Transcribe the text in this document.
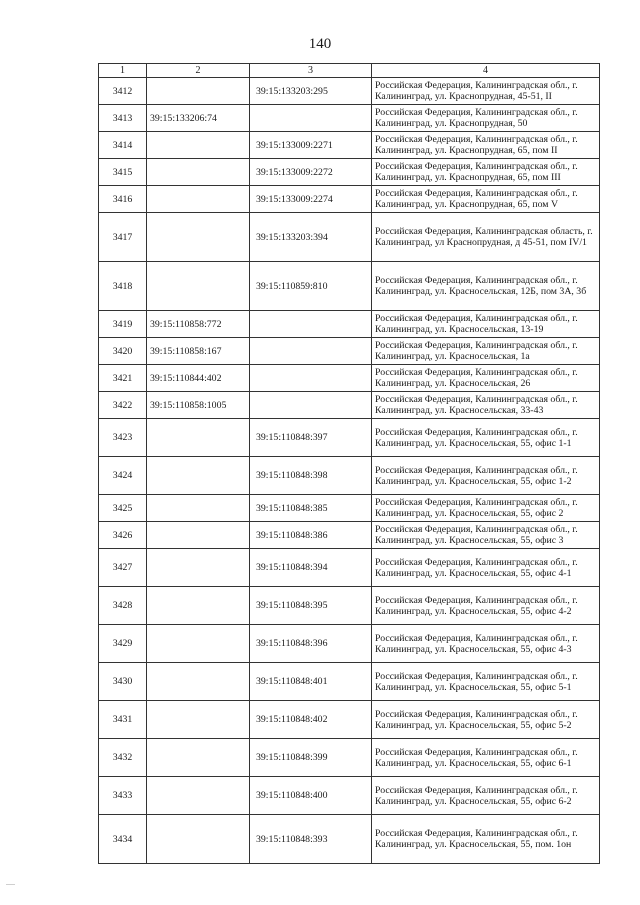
140
1	2	3	4
3412		39:15:133203:295	Российская Федерация, Калининградская обл., г. Калининград, ул. Краснопрудная, 45-51, II
3413	39:15:133206:74		Российская Федерация, Калининградская обл., г. Калининград, ул. Краснопрудная, 50
3414		39:15:133009:2271	Российская Федерация, Калининградская обл., г. Калининград, ул. Краснопрудная, 65, пом II
3415		39:15:133009:2272	Российская Федерация, Калининградская обл., г. Калининград, ул. Краснопрудная, 65, пом III
3416		39:15:133009:2274	Российская Федерация, Калининградская обл., г. Калининград, ул. Краснопрудная, 65, пом V
3417		39:15:133203:394	Российская Федерация, Калининградская область, г. Калининград, ул Краснопрудная, д 45-51, пом IV/1
3418		39:15:110859:810	Российская Федерация, Калининградская обл., г. Калининград, ул. Красносельская, 12Б, пом 3А, 3б
3419	39:15:110858:772		Российская Федерация, Калининградская обл., г. Калининград, ул. Красносельская, 13-19
3420	39:15:110858:167		Российская Федерация, Калининградская обл., г. Калининград, ул. Красносельская, 1а
3421	39:15:110844:402		Российская Федерация, Калининградская обл., г. Калининград, ул. Красносельская, 26
3422	39:15:110858:1005		Российская Федерация, Калининградская обл., г. Калининград, ул. Красносельская, 33-43
3423		39:15:110848:397	Российская Федерация, Калининградская обл., г. Калининград, ул. Красносельская, 55, офис 1-1
3424		39:15:110848:398	Российская Федерация, Калининградская обл., г. Калининград, ул. Красносельская, 55, офис 1-2
3425		39:15:110848:385	Российская Федерация, Калининградская обл., г. Калининград, ул. Красносельская, 55, офис 2
3426		39:15:110848:386	Российская Федерация, Калининградская обл., г. Калининград, ул. Красносельская, 55, офис 3
3427		39:15:110848:394	Российская Федерация, Калининградская обл., г. Калининград, ул. Красносельская, 55, офис 4-1
3428		39:15:110848:395	Российская Федерация, Калининградская обл., г. Калининград, ул. Красносельская, 55, офис 4-2
3429		39:15:110848:396	Российская Федерация, Калининградская обл., г. Калининград, ул. Красносельская, 55, офис 4-3
3430		39:15:110848:401	Российская Федерация, Калининградская обл., г. Калининград, ул. Красносельская, 55, офис 5-1
3431		39:15:110848:402	Российская Федерация, Калининградская обл., г. Калининград, ул. Красносельская, 55, офис 5-2
3432		39:15:110848:399	Российская Федерация, Калининградская обл., г. Калининград, ул. Красносельская, 55, офис 6-1
3433		39:15:110848:400	Российская Федерация, Калининградская обл., г. Калининград, ул. Красносельская, 55, офис 6-2
3434		39:15:110848:393	Российская Федерация, Калининградская обл., г. Калининград, ул. Красносельская, 55, пом. 1он
